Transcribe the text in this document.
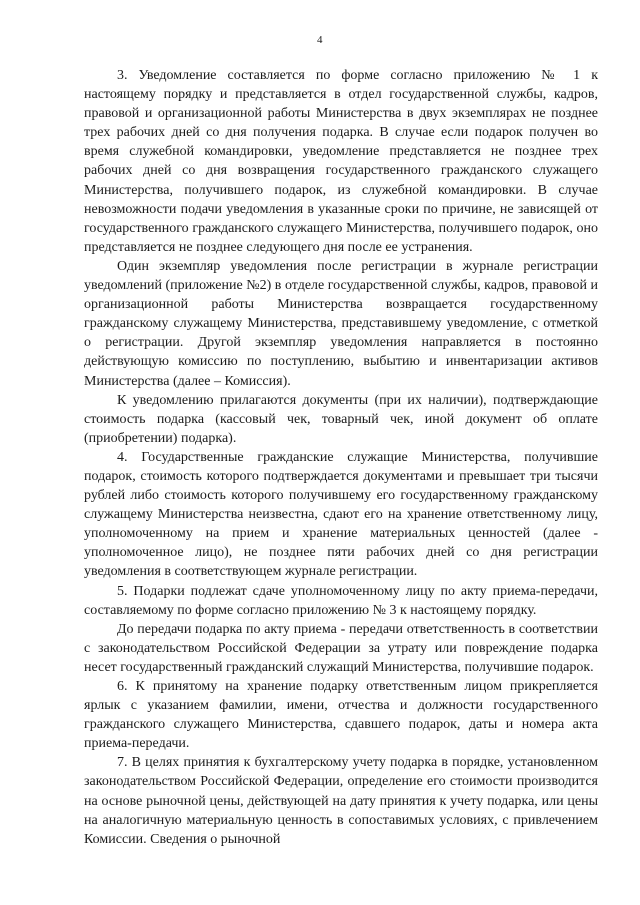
4

3. Уведомление составляется по форме согласно приложению № 1 к настоящему порядку и представляется в отдел государственной службы, кадров, правовой и организационной работы Министерства в двух экземплярах не позднее трех рабочих дней со дня получения подарка. В случае если подарок получен во время служебной командировки, уведомление представляется не позднее трех рабочих дней со дня возвращения государственного гражданского служащего Министерства, получившего подарок, из служебной командировки. В случае невозможности подачи уведомления в указанные сроки по причине, не зависящей от государственного гражданского служащего Министерства, получившего подарок, оно представляется не позднее следующего дня после ее устранения.

Один экземпляр уведомления после регистрации в журнале регистрации уведомлений (приложение №2) в отделе государственной службы, кадров, правовой и организационной работы Министерства возвращается государственному гражданскому служащему Министерства, представившему уведомление, с отметкой о регистрации. Другой экземпляр уведомления направляется в постоянно действующую комиссию по поступлению, выбытию и инвентаризации активов Министерства (далее – Комиссия).

К уведомлению прилагаются документы (при их наличии), подтверждающие стоимость подарка (кассовый чек, товарный чек, иной документ об оплате (приобретении) подарка).

4. Государственные гражданские служащие Министерства, получившие подарок, стоимость которого подтверждается документами и превышает три тысячи рублей либо стоимость которого получившему его государственному гражданскому служащему Министерства неизвестна, сдают его на хранение ответственному лицу, уполномоченному на прием и хранение материальных ценностей (далее - уполномоченное лицо), не позднее пяти рабочих дней со дня регистрации уведомления в соответствующем журнале регистрации.

5. Подарки подлежат сдаче уполномоченному лицу по акту приема-передачи, составляемому по форме согласно приложению № 3 к настоящему порядку.

До передачи подарка по акту приема - передачи ответственность в соответствии с законодательством Российской Федерации за утрату или повреждение подарка несет государственный гражданский служащий Министерства, получившие подарок.

6. К принятому на хранение подарку ответственным лицом прикрепляется ярлык с указанием фамилии, имени, отчества и должности государственного гражданского служащего Министерства, сдавшего подарок, даты и номера акта приема-передачи.

7. В целях принятия к бухгалтерскому учету подарка в порядке, установленном законодательством Российской Федерации, определение его стоимости производится на основе рыночной цены, действующей на дату принятия к учету подарка, или цены на аналогичную материальную ценность в сопоставимых условиях, с привлечением Комиссии. Сведения о рыночной
